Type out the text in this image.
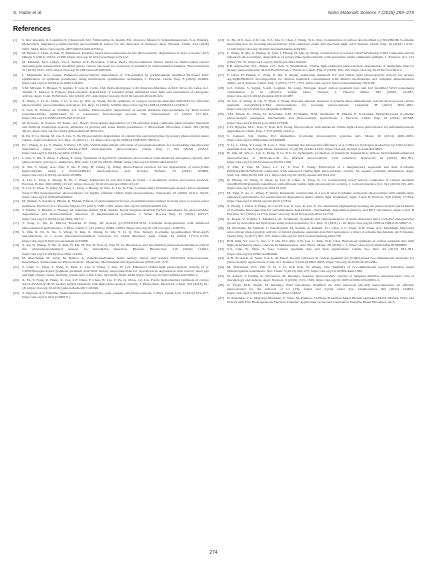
S. Yadav et al.	Nano Materials Science 7 (2025) 259–275
References

[1] S. Dev Awasthi, D. Lakshmi, S. Chaturvedi, M.J. Whitcombe, K. Karim, F.K. Ivanova, Meenu S. Srikanthanarayana, S.A. Piletsky, Molecularly imprinted polymer-hybrid electrochemical sensor for the detection of fentanyl, Anal. Bioanal. Chem. 412 (2020) 5455–5464, https://doi.org/10.1007/s00216-020-02745-y.

[2] M. Hasan, J. Chen, Z. Pan, N. Mahmood, Polymer based nanocomposites for the photocatalytic degradation of dyes: a review, ACS Omega 6 (2021) 15472–15489, https://doi.org/10.1021/acsomega.1c01212.

[3] M. Maddah, M.S. Ghiya, V.G.J. Dubey, K.E. Bowadsa, C.M.A. Borri, Electrochemical Sensor based on multi-walled carbon nanotube/gold nanoparticle modified glassy carbon electrode for detection of estradiol in environmental samples, Electroanalysis 31 (2019) 1921–1931, https://doi.org/10.1002/elan.201900190.

[4] L. Majumdar, K.G. Gupta, Enhanced photocatalytic degradation of 17β-estradiol by polythiophene modified Ni-doped ZnO: optimization of synthesis parameters using multivariate optimization techniques, J. Environ. Chem. Eng. 8 (2020) 104463, https://doi.org/10.1016/j.jece.2020.104463.

[5] V.M. Mboula, V. Héquet, Y. Andrès, Y. Gru, R. Colin, J.M. Doña-Rodríguez, L.M. Pastrana-Martínez, A.M.T. Silva, M. Leleu, A.J. Tindall, S. Mateos, P. Falaras, Photocatalytic degradation of estradiol under simulated solar light and assessment of estrogenic activity, Appl. Catal. B Environ. 162 (2015) 437–444, https://doi.org/10.1016/j.apcatb.2014.05.024.

[6] X. Wang, J. Li, K. Chen, J. Li, Y. Ge, Q. Wei, Q. Wang, Facile synthesis of oxygen vacancies-enriched ZnFe2O4 for effective photocatalytic peroxodisulfate activation, Sci. Rep. 12 (2022) 123456, https://doi.org/10.1038/s41598-022-123456-7.

[7] S. Gett, R. Fuchsa, A. Schubin, A.I. Schäfer, Photocatalytic degradation of steroid hormone micropollutants by TiO2-coated polyethersulfone membranes in a continuous flow-through process, Nat. Nanotechnol. 17 (2022) 417–423, https://doi.org/10.1038/s41565-022-01074-8.

[8] M. Kovacic, N. Kopcic, M. Kusic, A.L. Bozic, Solar-driven degradation of 17β-estradiol using composite photocatalytic materials and artificial irradiation sources: influence of process and water matrix parameters, J. Photochem. Photobiol. Chem. 361 (2018) 48–61, https://doi.org/10.1016/j.jphotochem.2018.05.015.

[9] R. Pu, Y. Li, Zhang, M. Gu, Z. Liu, Y. Yu, Photocatalytic degradation of organic dye and tetracycline by ternary photocatalyst under visible - light irradiation, Sci. Rep. 11 (2021) 1–13, https://doi.org/10.1038/s41598-020-79979-2.

[10] P.C. Zhang, Z. Li, Y. Zhang, S.Wang, J.H. Wu, Visible-light-driven activation of peroxymonosulfate for accelerating ciprofloxacin degradation using CeO2/Co3O4/g-C3N4 heterojunction photocatalysts, Chem. Eng. J. 391 (2020) 123612, https://doi.org/10.1016/j.cej.2019.123612.

[11] J. Sun, S. Shi, Y. Zhou, J. Zhang, F. Jiang, Synthesis of Ag/ZnO/C plasmonic photocatalyst with enhanced adsorption capacity and photocatalytic activity to antibiotics, RSC Adv. 5 (2015) 18632–18640, https://doi.org/10.1039/C4RA16213J.

[12] X. Shi, L. Wang, A.A. Zuh, Y. Jin, F. Jing, H. Cheng, Q. Wang, Photo-Fenton reaction for the degradation of tetracycline hydrochloride using a FeWO4/BiOCl heterojunction, Adv. Powder Technol. 33 (2022) 103809, https://doi.org/10.1016/j.apt.2022.103809.

[13] A. Lin, L. Yang, L. Zhang, H. Yu, L. Wang, Antibiotics in soil and water in China - a systematic review and source analysis, Environ. Pollut. 266 (2020) 115147, https://doi.org/10.1016/j.envpol.2020.115147.

[14] Y. Cai, Z. Zhou, Y. Jiang, M. Tang, C. Tang, J. Huang, D. Pan, X. Liu, X. Tian, Constructing CeO2/nitrogen-doped carbon quantum dot/g-C3N4 heterojunction photocatalysts for highly efficient visible light photocatalysis, Nanoscale 10 (2020) 19112–19120, https://doi.org/10.1039/d0nr02969c.

[15] M. Shaikh, S. Karim, S. Bhatti, K. Haider, Effects of environmental factors on antimicrobial residues in water prior to source water treatment, Environ. Sci.: Process. Impacts 23 (2021) 1385–1395, https://doi.org/10.1039/d1em00115a.

[16] T. Fatima, S. Husain, J. Narang, M. Khanuja, Rahul, M.K. Reddy, Novel tungsten disulfide (WS2) nanosheets for photocatalytic degradation and electrochemical detection of pharmaceutical pollutants, J. Water Process Eng. 47 (2022) 102717, https://doi.org/10.1016/j.jwpe.2022.102717.

[17] T. Song, C. Xu, K. Marcos Parasidis, P. Yang, 2D layered g-C3N4/WO3/WS2 S-scheme heterojunction with enhanced photochemical performance, J. Phys. Chem. C 125 (2021) 19382–19393, https://doi.org/10.1021/acs.jpcc.1c06763.

[18] S. Zhu, R. Ni, X. Xu, S. Wang, X. Ran, X. Zhang, D. Wu, Y. Li, Q. Wei, Ternary Z-scheme Ag-embedded TiO2-Ag2S nanojunctions as a novel photoelectrochemical converter for CD44 detection, Anal. Chem. 94 (2022) 11713–11720, https://doi.org/10.1021/acs.analchem.2c01988.

[19] X. Zu, N. Zhang, Y. Xu, X. Ren, H. Ma, H. Wu, D. Fan, Q. Wei, H. Ju, Biosensors and biochemical photoelectrochemical cells in situ photoelectrochemical sensors for microRNA detection, Biosens. Bioelectron. 210 (2022) 114291, https://doi.org/10.1016/j.bios.2022.114291.

[20] M. Marchelek, M. Grab, M. Kmiec, A. Zaleska-medynska, Some ternary, binary and ternary ZnO/TiO2 nanostructures, IntechOpen. Semiconductor Photocatalysis - Materials, Mechanisms and Applications (2016) 231–270.

[21] T. Chen, C. Yang, S. Yang, Z. Mou, L. Liu, Y. Wang, J. Sun, W. Lei, Enhanced visible-light photocatalytic activity of g-C3N4/Nitrogen-doped graphene quantum dots/TiO2 ternary heterojunctions for ciprofloxacin degradation with narrow band gap and high charge carrier mobility, Chem. Res. Chin. Univ. 36 (2020) 1040–1049, https://doi.org/10.1007/s40242-020-0301-z.

[22] X. Fu, Y. Fang, R. Wang, X. Zou, Z.F. Chen, F. Chen, H. Liu, Y. Yu, Q. Zhou, J.Z. Liu, Facile hydrothermal synthesis of carbon dots/CdS/Zn0.5Cd0.5S ternary hybrid materials with high photocatalytic activity, J. Photochem. Photobiol. Chem. 353 (2018) 10–18, https://doi.org/10.1016/j.jphotochem.2017.10.049.

[23] S. Serpone, A.V. Emeline, Semiconductor photocatalysis - past, present, and future outlook, J. Phys. Chem. Lett. 3 (2012) 673–677, https://doi.org/10.1021/jz300071j.

[24] X. He, R.Y. Guo, Z.D. Liu, Z.X. Ma, S. Chen, J. Wang, W.G. Pan, Construction of carbon dot-modified g-C3N4/BiOBr S-scheme heterojunction for boosting photocatalytic CO2 reduction under full spectrum light, ACS Sustain. Chem. Eng. 10 (2022) 11130–11140, https://doi.org/10.1021/acssuschemeng.2c02502.

[25] L. Wang, X. Ma, G. Huang, R. Lian, J. Huang, H. She, Q. Wang, Construction of ternary CuO/CuFe2O4/g-C3N4 composite and its enhanced photocatalytic degradation of tetracycline hydrochloride with persulfate under simulated sunlight, J. Environ. Sci. 112 (2022) 59–70, https://doi.org/10.1016/j.jes.2021.04.026.

[26] F.B. Adjeserian, D.L. Blaiss, O.T. Nah, S. Wanditthala, Visible light-enhanced photocatalytic degradation of methylene blue by ternary nanocomposite, MoO3/Fe2O3/rGO, J. Environ. Chem. Eng. 6 (2018) 185–193, https://doi.org/10.1039/c7ra10911d.

[27] F. Chen, H. Huang, C. Zeng, X. Du, Y. Zhang, Achieving enhanced UV and visible light photocatalytic activity for ternary Ag/AgBr/BiOIO3: decomposition for diverse industrial contaminants with distinct mechanisms and complete mineralization ability, ACS Sustain. Chem. Eng. 5 (2017) 7777–7791, https://doi.org/10.1021/acssuschemeng.7b01108.

[28] G.S. Jamila, S. Sajjad, S.A.K. Leghari, M. Long, Nitrogen doped carbon quantum dots and GO modified WO3 nanosheets combination as an effective visible photo catalyst, J. Hazard. Mater. 382 (2020) 121087, https://doi.org/10.1016/j.jhazmat.2019.121087.

[29] W. Liu, Y. Wang, K. Qi, Y. Yuan, J. Wang, Boosted spectral response Z-scheme three-dimensional ordered macroporous carbon quantum dots/TiO2/g-C3N4 photocatalysts for boosting photocatalysis, Langmuir 38 (2022) 4819–4847, https://doi.org/10.1021/acs.langmuir.2c00004.

[30] T.M. Khedr, K. Wang, D. Kowalski, S.M. El-Sheikh, H.M. Abdelaziz, B. Ohtani, E. Kowalska, Bi2WO6-based Z-scheme photocatalytic principles, mechanisms and photocatalytic applications, J. Environ. Chem. Eng. 10 (2022) 107838, https://doi.org/10.1016/j.jece.2022.107838.

[31] C.H. Nguyen, M.L. Tran, T. Tran, R.S. Juang, Photocatalyst with enhanced visible-light-driven performance for sulfamethoxazole degradation, Chem. Eng. J. 379 (2020) 122212.

[32] S. Gajurel, S.K. Verma, H.J. Ahmediler, Z-scheme photocatalytic systems, Adv. Mater. 26 (2014) 4920–4935, https://doi.org/10.1002/adma.201400288.

[33] Y. Li, L. Ding, Y. Liang, H. Lou, J. Tian, Sunning the photoactive efficiency of g-C3N4 for hydrogen production by TiO2 hollow quantum dots, ACS Appl. Mater. Interfaces 12 (2019) 41440–41447, https://doi.org/10.1021/acsami.9b14695.

[34] H. Zhu, M. Wu, L. Lin, Z. Deng, Y. Li, R.S. Li, Synergistic promotion of interfacial degenerative hollow molybdenum-enhanced heterostructure of TiO2-Au-CdS for efficient photocatalytic CO2 reduction, Nanoscale 18 (2019) 492–501, https://doi.org/10.1016/j.nanoen.2019.01.030.

[35] Y. Zhu, P. Zhu, M. Zhao, L.J. Li, Z. Pan, F. Wang, Fabrication of a magnetically separable and dual Z-scheme PANI/Ag3PO4/NiFe2O4 composite with enhanced visible-light photocatalytic activity for organic pollutant elimination, Appl. Surf. Sci. 486 (2019) 198–211, https://doi.org/10.1016/j.apsusc.2019.04.232.

[36] D. Huang, W. Wang, S. Zhou, Q. Liu, R. Chen, X. Yang, K. Li, Constructing novel ternary composite of carbon quantum dots/Bi2WO6/graphitic nanofibers with efficient visible light photocatalytic activity, J. Colloid Interface Sci. 541 (2019) 195–205, https://doi.org/10.1016/j.jcis.2019.01.050.

[37] M. Tang, F. Ao, C. Wang, F. Wang, Rationally constructing of a novel dual Z-scheme composite photocatalyst with significantly enhanced performance for neonicotinoid degradation under visible light irradiation, Appl. Catal. B Environ. 256 (2019) 117814, https://doi.org/10.1016/j.apcatb.2019.117814.

[38] Y. Zhong, J. Chen, P. Wang, W. Liu, H. Cui, X. Gao, R. Lin, Y. Xu, Interfacial engineering boosting the photocatalytic performance of Z-scheme heterojunction for carbamazepine degradation - mechanism, degradation pathway and DFT calculation, Appl. Catal. B Environ. 317 (2022) 121753, https://doi.org/10.1016/j.apcatb.2022.121753.

[39] A. Dogar, V. Uchida, T. Maekawa, M. Toshikazu, Synthesis and characterization of mono-dispersed silica colloidal nanoparticles grown by urea-directed hydrolysis using reaction kinetics, Sci. Rep. 11 (2021) 1–10, https://doi.org/10.1038/s41598-019-50607-5.

[40] M. Ebrahimi, M. Samadi, S. Yousefzadeh, M. Soltani, A. Rahimi, T.C. Chou, L.C. Chen, K.H. Chen, A.Z. Moshfegh, Improved solar-driven photocatalytic activity of hybrid graphene quantum dots/ZnO nanowires: a direct Z-scheme mechanism, ACS Sustain. Chem. Eng. 5 (2017) 367–375, https://doi.org/10.1021/acssuschemeng.6b01738.

[41] H.H. Kim, Y.J. Lee, C. Seo, J. Y. Oh, W.S. Ryu, S.W. Lee, C. Park, W.K. Choi, Bottom-up synthesis of carbon quantum dots with high performance photo- and electroluminescence, Adv. Funct. Mater. 28 (2018) 1–7, https://doi.org/10.1002/adfm.201800885.

[42] S.Y. Lim, W. Shen, Z. Gao, Carbon quantum dots and their applications, Chem. Soc. Rev. 44 (2015) 362–381, https://doi.org/10.1039/c4cs00269e.

[43] A.H. Al-Asadi, A. Sang, S.A.A. Al Masri, Recent advances in carbon quantum dot (CQD)-based two-dimensional materials for photocatalytic applications, Catal. Sci. Technol. 9 (2019) 6862–6895, https://doi.org/10.1039/c9cy01458a.

[44] M. Shiverdala, H.S. Zhu, Y. Li, J. Li, R.P. Koh, W. Zhang, The chemistry of two-dimensional layered transition metal dichalcogenide nanosheets, Nat. Chem. 5 (2013) 263–275, https://doi.org/10.1038/nchem.1589.

[45] W. Ashraf, T. Fatima, K. Srivastava, M. Khanuja, Superior photocatalytic activity of tungsten disulfide nanostructures: role of morphology and defects, Appl. Nanosci. 9 (2019) 1515–1529, https://doi.org/10.1007/s13204-019-00951-4.

[46] N. Tyagi, M.K. Singh, M. Khanuja, WS2 nanosheets modified via ZnO nanorods (Zn-2D) nanocomposite: an efficient photocatalyst for the removal of Cr (VI), found and crystal violet dye, Chemosphere 302 (2022) 134822, https://doi.org/10.1016/j.chemosphere.2022.134822.

[47] N. Rohankar, C.C. Mayorga-Martinez, Z. Sofer, M. Pumera, 1T-Phase Transition Metal Dichalcogenides (MoS2, MoSe2, WS2, and WSe2) with Fast Heterogeneous Electron Transfer: application on Second-Generation Enzyme-Based Biosensor, ACS

274
